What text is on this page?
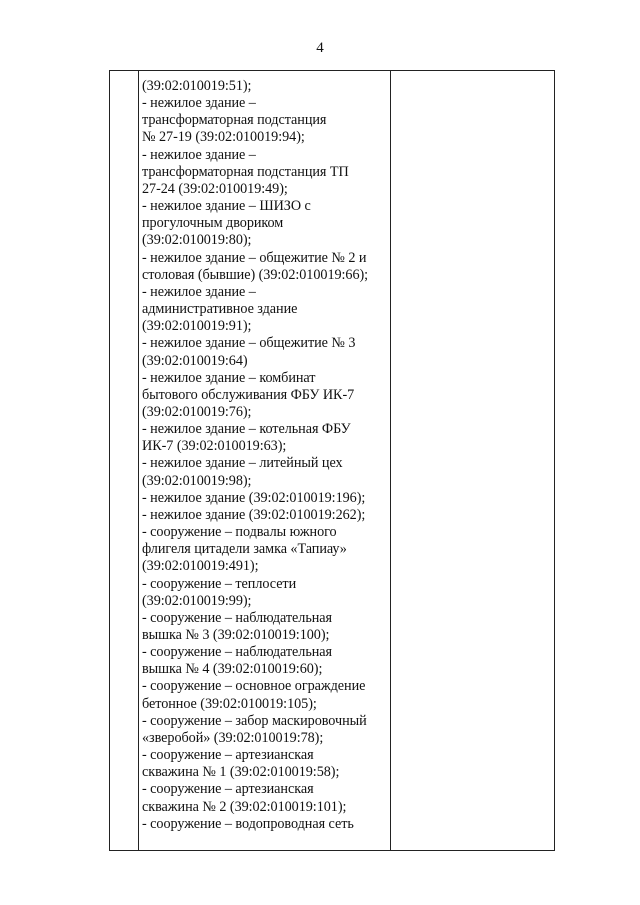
4

(39:02:010019:51);
- нежилое здание –
трансформаторная подстанция
№ 27-19 (39:02:010019:94);
- нежилое здание –
трансформаторная подстанция ТП
27-24 (39:02:010019:49);
- нежилое здание – ШИЗО с
прогулочным двориком
(39:02:010019:80);
- нежилое здание – общежитие № 2 и
столовая (бывшие) (39:02:010019:66);
- нежилое здание –
административное здание
(39:02:010019:91);
- нежилое здание – общежитие № 3
(39:02:010019:64)
- нежилое здание – комбинат
бытового обслуживания ФБУ ИК-7
(39:02:010019:76);
- нежилое здание – котельная ФБУ
ИК-7 (39:02:010019:63);
- нежилое здание – литейный цех
(39:02:010019:98);
- нежилое здание (39:02:010019:196);
- нежилое здание (39:02:010019:262);
- сооружение – подвалы южного
флигеля цитадели замка «Тапиау»
(39:02:010019:491);
- сооружение – теплосети
(39:02:010019:99);
- сооружение – наблюдательная
вышка № 3 (39:02:010019:100);
- сооружение – наблюдательная
вышка № 4 (39:02:010019:60);
- сооружение – основное ограждение
бетонное (39:02:010019:105);
- сооружение – забор маскировочный
«зверобой» (39:02:010019:78);
- сооружение – артезианская
скважина № 1 (39:02:010019:58);
- сооружение – артезианская
скважина № 2 (39:02:010019:101);
- сооружение – водопроводная сеть
